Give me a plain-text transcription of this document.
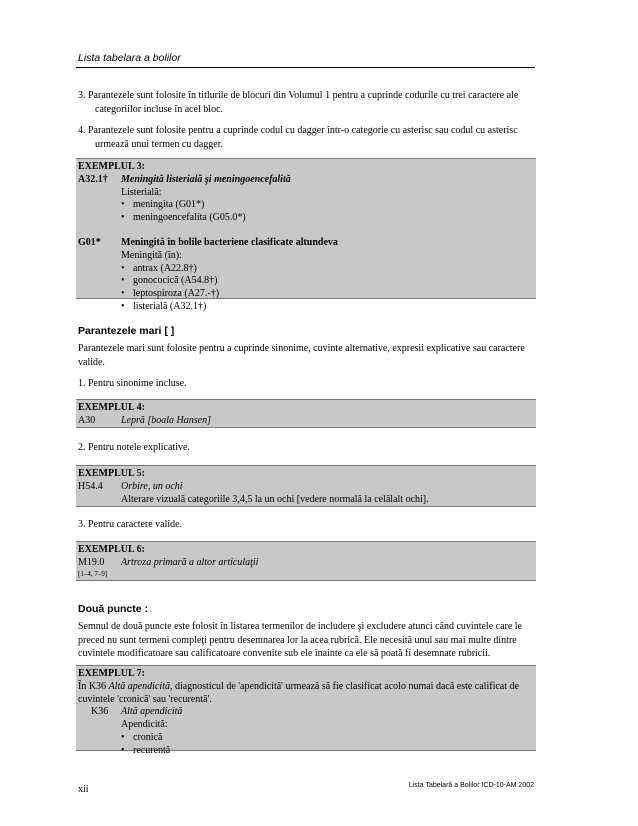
Lista tabelara a bolilor
3. Parantezele sunt folosite în titlurile de blocuri din Volumul 1 pentru a cuprinde codurile cu trei caractere ale
categoriilor incluse în acel bloc.
4. Parantezele sunt folosite pentru a cuprinde codul cu dagger într-o categorie cu asterisc sau codul cu asterisc
urmează unui termen cu dagger.
EXEMPLUL 3:
A32.1†	Meningită listerială şi meningoencefalită
Listerială:
• meningita (G01*)
• meningoencefalita (G05.0*)
G01*	Meningită în bolile bacteriene clasificate altundeva
Meningită (în):
• antrax (A22.8†)
• gonococică (A54.8†)
• leptospiroza (A27.-†)
• listerială (A32.1†)
Parantezele mari [ ]
Parantezele mari sunt folosite pentru a cuprinde sinonime, cuvinte alternative, expresii explicative sau caractere
valide.
1. Pentru sinonime incluse.
EXEMPLUL 4:
A30	Lepră [boala Hansen]
2. Pentru notele explicative.
EXEMPLUL 5:
H54.4	Orbire, un ochi
Alterare vizuală categoriile 3,4,5 la un ochi [vedere normală la celălalt ochi].
3. Pentru caractere valide.
EXEMPLUL 6:
M19.0	Artroza primară a altor articulaţii
[1–4, 7–9]
Două puncte :
Semnul de două puncte este folosit în listarea termenilor de includere şi excludere atunci când cuvintele care le
preced nu sunt termeni compleţi pentru desemnarea lor la acea rubrică. Ele necesită unul sau mai multe dintre
cuvintele modificatoare sau calificatoare convenite sub ele înainte ca ele să poată fi desemnate rubricii.
EXEMPLUL 7:
În K36 Altă apendicită, diagnosticul de 'apendicită' urmează să fie clasificat acolo numai dacă este calificat de
cuvintele 'cronică' sau 'recurentă'.
K36	Altă apendicită
Apendicită:
• cronică
• recurentă
xii	Lista Tabelară a Bolilor ICD-10-AM 2002
